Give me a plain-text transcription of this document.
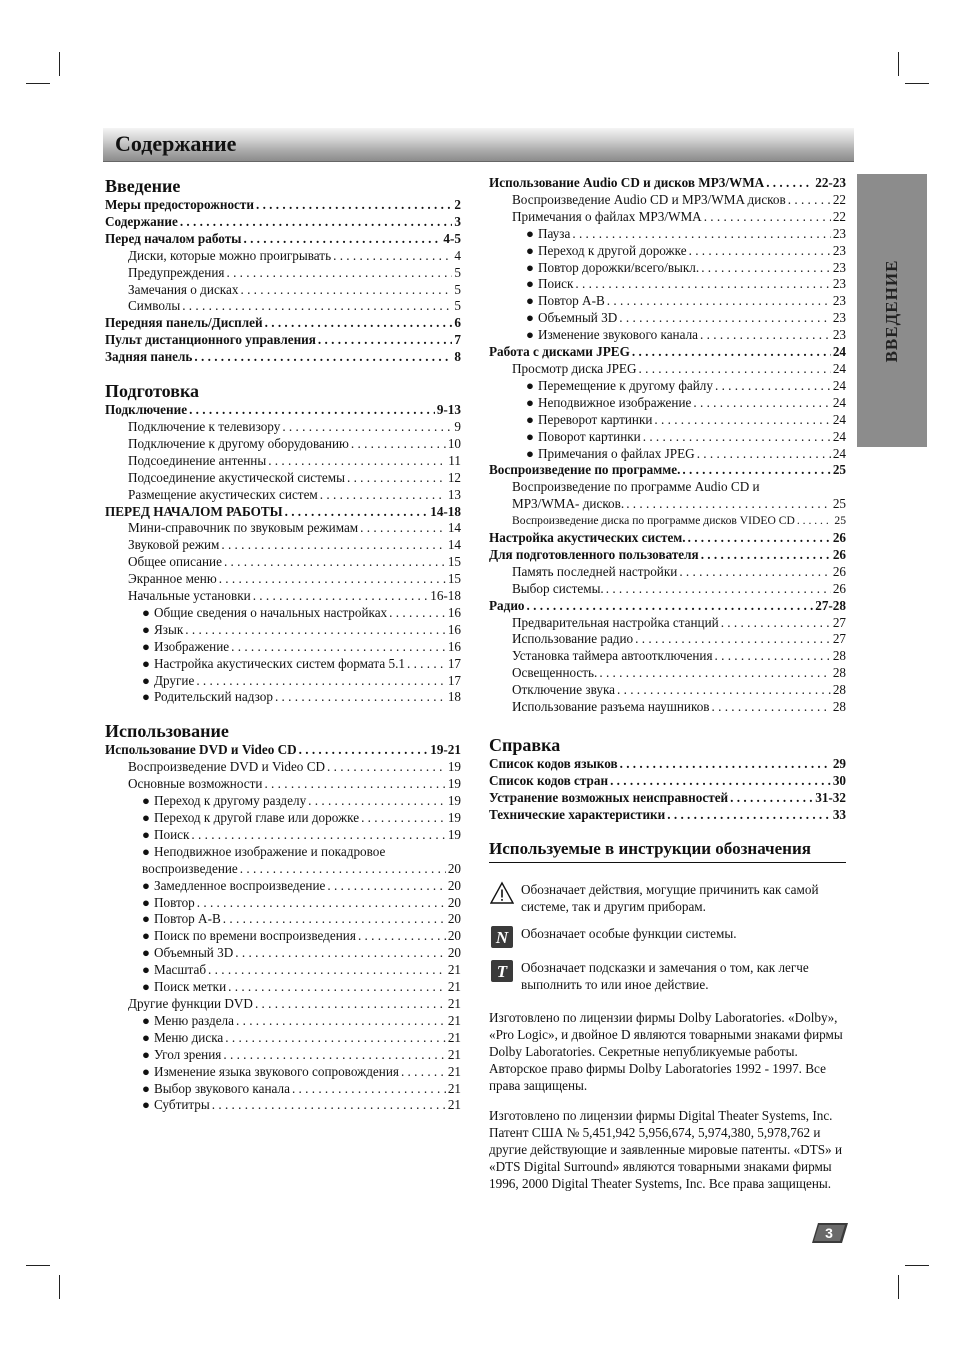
Содержание
ВВЕДЕНИЕ
Введение
Меры предосторожности . . .	2
Содержание . . .	3
Перед началом работы . . .	4-5
Диски, которые можно проигрывать . . .	4
Предупреждения . . .	5
Замечания о дисках . . .	5
Символы . . .	5
Передняя панель/Дисплей . . .	6
Пульт дистанционного управления . . .	7
Задняя панель . . .	8
Подготовка
Подключение . . .	9-13
Подключение к телевизору . . .	9
Подключение к другому оборудованию . . .	10
Подсоединение антенны . . .	11
Подсоединение акустической системы . . .	12
Размещение акустических систем . . .	13
ПЕРЕД НАЧАЛОМ РАБОТЫ . . .	14-18
Мини-справочник по звуковым режимам . . .	14
Звуковой режим . . .	14
Общее описание . . .	15
Экранное меню . . .	15
Начальные установки . . .	16-18
● Общие сведения о начальных настройках . . .	16
● Язык . . .	16
● Изображение . . .	16
● Настройка акустических систем формата 5.1 . . .	17
● Другие . . .	17
● Родительский надзор . . .	18
Использование
Использование DVD и Video CD . . .	19-21
Воспроизведение DVD и Video CD . . .	19
Основные возможности . . .	19
● Переход к другому разделу . . .	19
● Переход к другой главе или дорожке . . .	19
● Поиск . . .	19
● Неподвижное изображение и покадровое
воспроизведение . . .	20
● Замедленное воспроизведение . . .	20
● Повтор . . .	20
● Повтор A-B . . .	20
● Поиск по времени воспроизведения . . .	20
● Объемный 3D . . .	20
● Масштаб . . .	21
● Поиск метки . . .	21
Другие функции DVD . . .	21
● Меню раздела . . .	21
● Меню диска . . .	21
● Угол зрения . . .	21
● Изменение языка звукового сопровождения . . .	21
● Выбор звукового канала . . .	21
● Субтитры . . .	21
Использование Audio CD и дисков MP3/WMA . . .	22-23
Воспроизведение Audio CD и MP3/WMA дисков . . .	22
Примечания о файлах MP3/WMA . . .	22
● Пауза . . .	23
● Переход к другой дорожке . . .	23
● Повтор дорожки/всего/выкл. . . .	23
● Поиск . . .	23
● Повтор A-B . . .	23
● Объемный 3D . . .	23
● Изменение звукового канала . . .	23
Работа с дисками JPEG . . .	24
Просмотр диска JPEG . . .	24
● Перемещение к другому файлу . . .	24
● Неподвижное изображение . . .	24
● Переворот картинки . . .	24
● Поворот картинки . . .	24
● Примечания о файлах JPEG . . .	24
Воспроизведение по программе. . . .	25
Воспроизведение по программе Audio CD и
MP3/WMA- дисков. . . .	25
Воспроизведение диска по программе дисков VIDEO CD . . .	25
Настройка акустических систем. . . .	26
Для подготовленного пользователя . . .	26
Память последней настройки . . .	26
Выбор системы. . . .	26
Радио . . .	27-28
Предварительная настройка станций . . .	27
Использование радио . . .	27
Установка таймера автоотключения . . .	28
Освещенность. . . .	28
Отключение звука . . .	28
Использование разъема наушников . . .	28
Справка
Список кодов языков . . .	29
Список кодов стран . . .	30
Устранение возможных неисправностей . . .	31-32
Технические характеристики . . .	33
Используемые в инструкции обозначения
Обозначает действия, могущие причинить как самой системе, так и другим приборам.
N Обозначает особые функции системы.
T Обозначает подсказки и замечания о том, как легче выполнить то или иное действие.

Изготовлено по лицензии фирмы Dolby Laboratories. «Dolby», «Pro Logic», и двойное D являются товарными знаками фирмы Dolby Laboratories. Секретные непубликуемые работы. Авторское право фирмы Dolby Laboratories 1992 - 1997. Все права защищены.

Изготовлено по лицензии фирмы Digital Theater Systems, Inc. Патент США № 5,451,942 5,956,674, 5,974,380, 5,978,762 и другие действующие и заявленные мировые патенты. «DTS» и «DTS Digital Surround» являются товарными знаками фирмы 1996, 2000 Digital Theater Systems, Inc. Все права защищены.

3
